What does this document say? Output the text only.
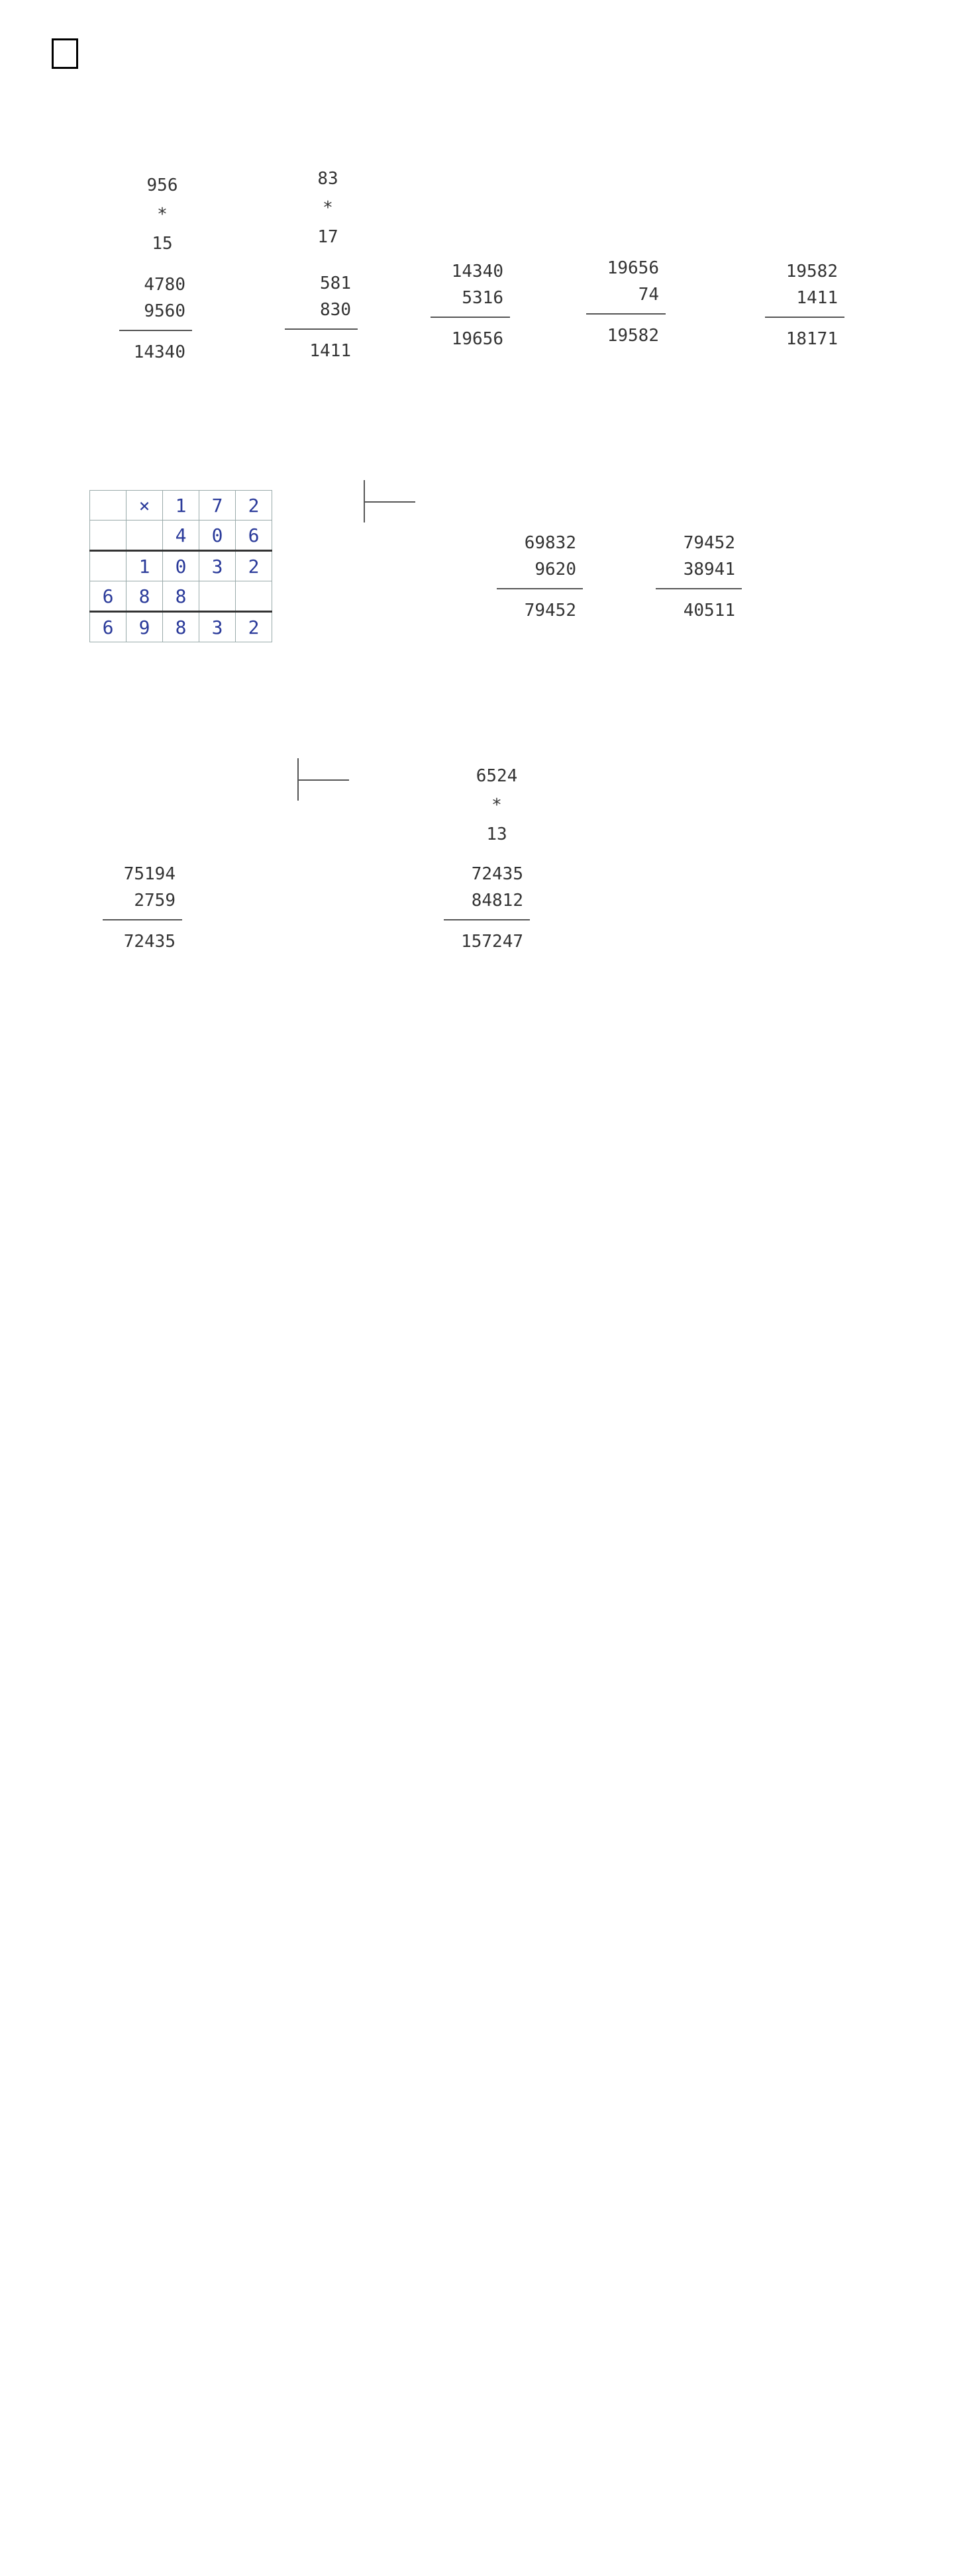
956
*
15
4780
9560
14340
83
*
17
581
830
1411
14340
5316
19656
19656
74
19582
19582
1411
18171
	×	1	7	2
		4	0	6
	1	0	3	2
6	8	8		
6	9	8	3	2
69832
9620
79452
79452
38941
40511
75194
2759
72435
6524
*
13
72435
84812
157247
